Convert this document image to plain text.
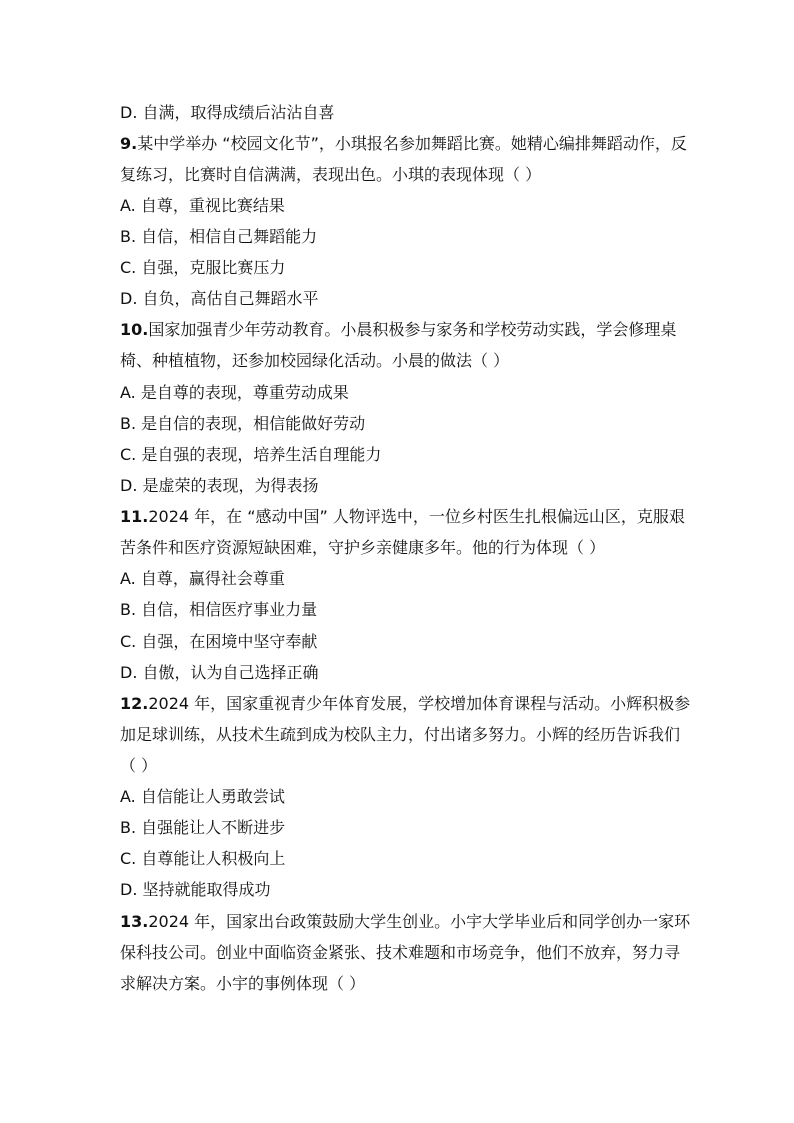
D. 自满，取得成绩后沾沾自喜
9.某中学举办 “校园文化节”，小琪报名参加舞蹈比赛。她精心编排舞蹈动作，反
复练习，比赛时自信满满，表现出色。小琪的表现体现（ ）
A. 自尊，重视比赛结果
B. 自信，相信自己舞蹈能力
C. 自强，克服比赛压力
D. 自负，高估自己舞蹈水平
10.国家加强青少年劳动教育。小晨积极参与家务和学校劳动实践，学会修理桌
椅、种植植物，还参加校园绿化活动。小晨的做法（ ）
A. 是自尊的表现，尊重劳动成果
B. 是自信的表现，相信能做好劳动
C. 是自强的表现，培养生活自理能力
D. 是虚荣的表现，为得表扬
11.2024 年，在 “感动中国” 人物评选中，一位乡村医生扎根偏远山区，克服艰
苦条件和医疗资源短缺困难，守护乡亲健康多年。他的行为体现（ ）
A. 自尊，赢得社会尊重
B. 自信，相信医疗事业力量
C. 自强，在困境中坚守奉献
D. 自傲，认为自己选择正确
12.2024 年，国家重视青少年体育发展，学校增加体育课程与活动。小辉积极参
加足球训练，从技术生疏到成为校队主力，付出诸多努力。小辉的经历告诉我们
（ ）
A. 自信能让人勇敢尝试
B. 自强能让人不断进步
C. 自尊能让人积极向上
D. 坚持就能取得成功
13.2024 年，国家出台政策鼓励大学生创业。小宇大学毕业后和同学创办一家环
保科技公司。创业中面临资金紧张、技术难题和市场竞争，他们不放弃，努力寻
求解决方案。小宇的事例体现（ ）
